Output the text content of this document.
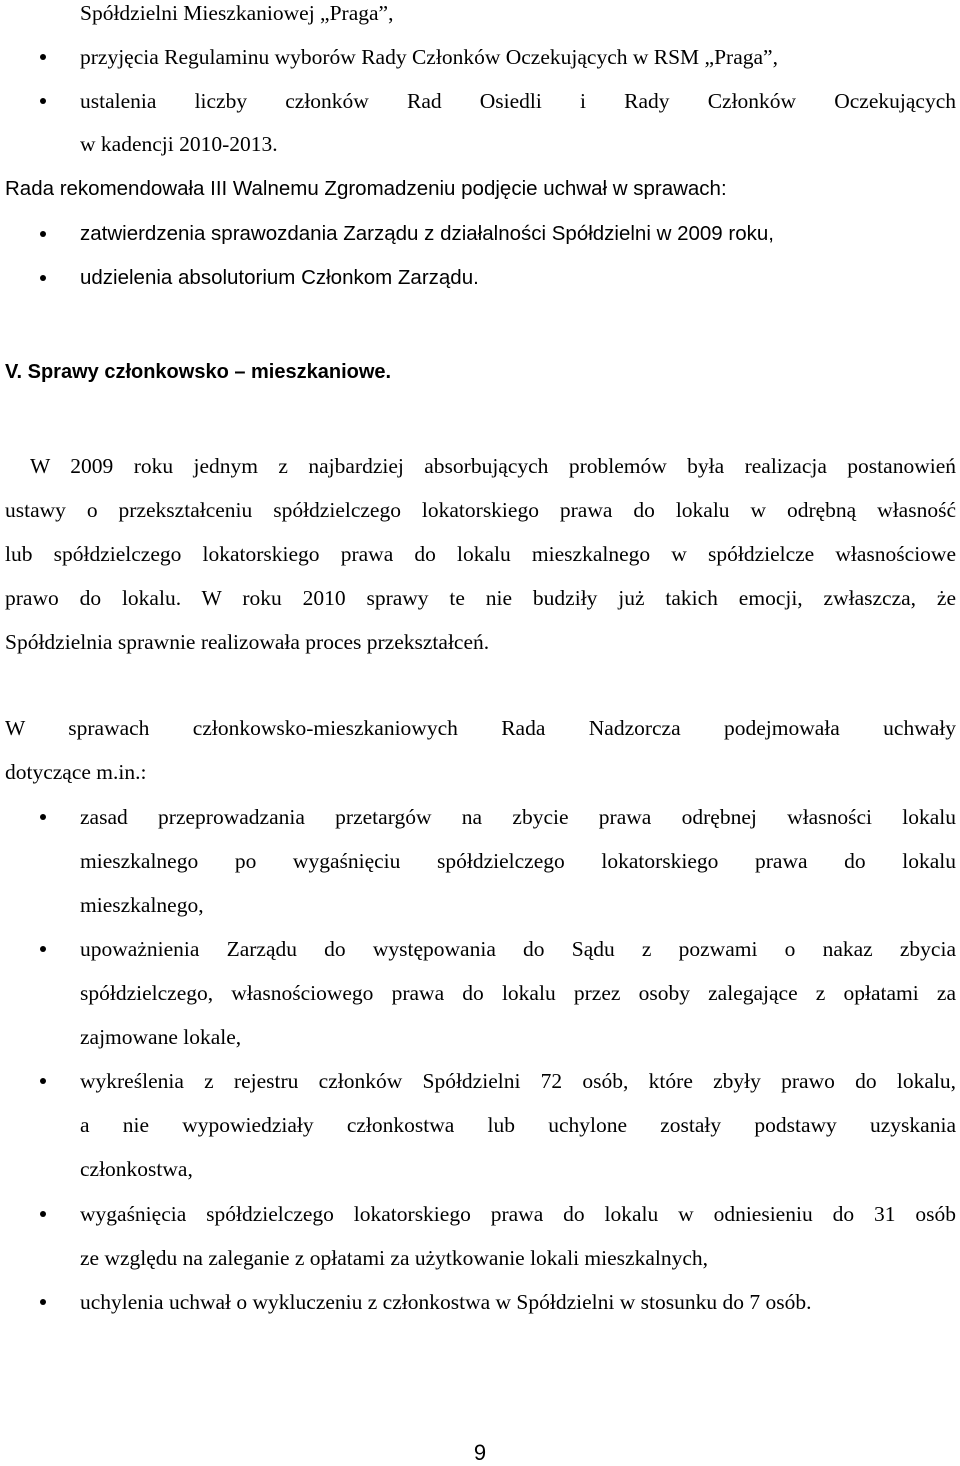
Spółdzielni Mieszkaniowej „Praga”,
przyjęcia Regulaminu wyborów Rady Członków Oczekujących w RSM „Praga”,
ustalenia liczby członków Rad Osiedli i Rady Członków Oczekujących
w kadencji 2010-2013.
Rada rekomendowała III Walnemu Zgromadzeniu podjęcie uchwał w sprawach:
zatwierdzenia sprawozdania Zarządu z działalności Spółdzielni w 2009 roku,
udzielenia absolutorium Członkom Zarządu.
V. Sprawy członkowsko – mieszkaniowe.
W 2009 roku jednym z najbardziej absorbujących problemów była realizacja postanowień
ustawy o przekształceniu spółdzielczego lokatorskiego prawa do lokalu w odrębną własność
lub spółdzielczego lokatorskiego prawa do lokalu mieszkalnego w spółdzielcze własnościowe
prawo do lokalu. W roku 2010 sprawy te nie budziły już takich emocji, zwłaszcza, że
Spółdzielnia sprawnie realizowała proces przekształceń.
W sprawach członkowsko-mieszkaniowych Rada Nadzorcza podejmowała uchwały
dotyczące m.in.:
zasad przeprowadzania przetargów na zbycie prawa odrębnej własności lokalu
mieszkalnego po wygaśnięciu spółdzielczego lokatorskiego prawa do lokalu
mieszkalnego,
upoważnienia Zarządu do występowania do Sądu z pozwami o nakaz zbycia
spółdzielczego, własnościowego prawa do lokalu przez osoby zalegające z opłatami za
zajmowane lokale,
wykreślenia z rejestru członków Spółdzielni 72 osób, które zbyły prawo do lokalu,
a nie wypowiedziały członkostwa lub uchylone zostały podstawy uzyskania
członkostwa,
wygaśnięcia spółdzielczego lokatorskiego prawa do lokalu w odniesieniu do 31 osób
ze względu na zaleganie z opłatami za użytkowanie lokali mieszkalnych,
uchylenia uchwał o wykluczeniu z członkostwa w Spółdzielni w stosunku do 7 osób.
9
